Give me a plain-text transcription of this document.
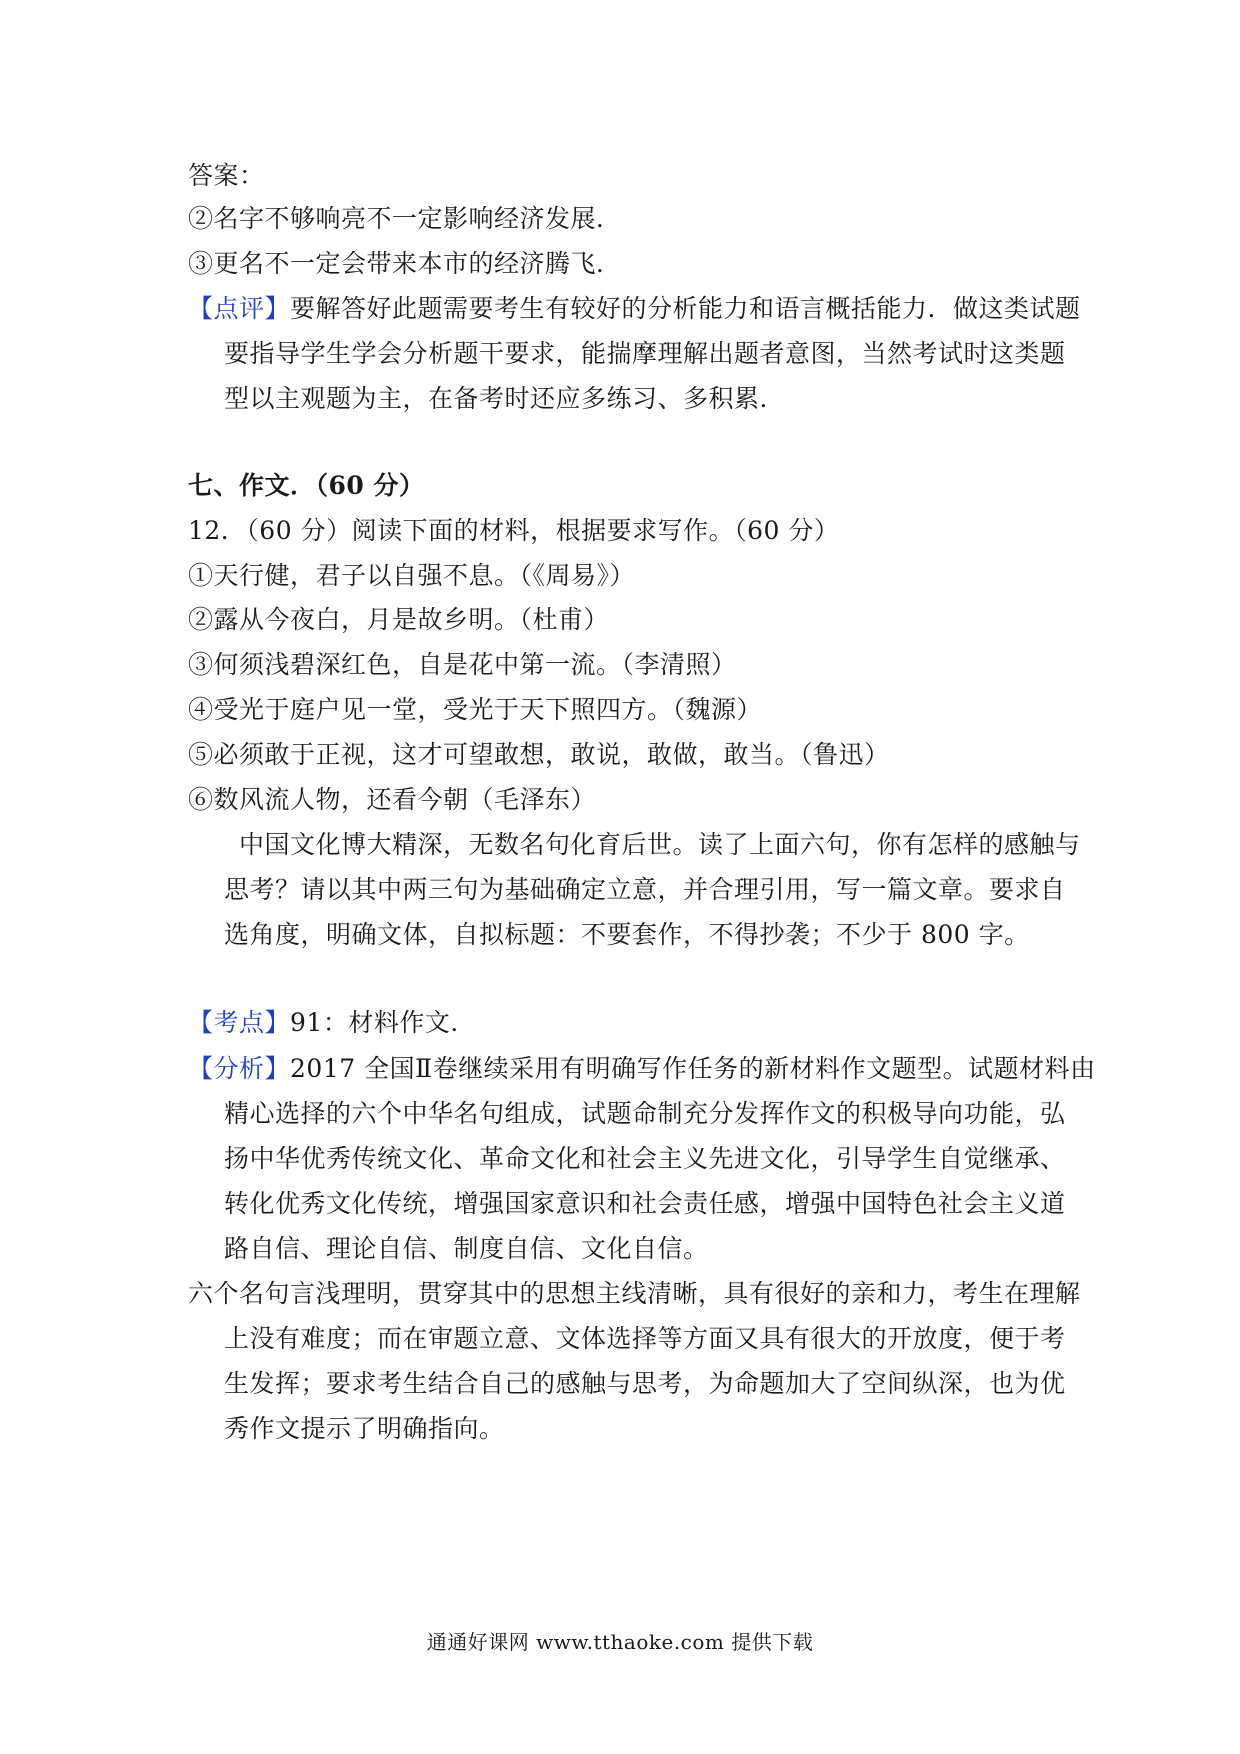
答案：
②名字不够响亮不一定影响经济发展．
③更名不一定会带来本市的经济腾飞．
【点评】要解答好此题需要考生有较好的分析能力和语言概括能力．做这类试题
要指导学生学会分析题干要求，能揣摩理解出题者意图，当然考试时这类题
型以主观题为主，在备考时还应多练习、多积累．
七、作文．（60 分）
12．（60 分）阅读下面的材料，根据要求写作。（60 分）
①天行健，君子以自强不息。（《周易》）
②露从今夜白，月是故乡明。（杜甫）
③何须浅碧深红色，自是花中第一流。（李清照）
④受光于庭户见一堂，受光于天下照四方。（魏源）
⑤必须敢于正视，这才可望敢想，敢说，敢做，敢当。（鲁迅）
⑥数风流人物，还看今朝（毛泽东）
中国文化博大精深，无数名句化育后世。读了上面六句，你有怎样的感触与
思考？请以其中两三句为基础确定立意，并合理引用，写一篇文章。要求自
选角度，明确文体，自拟标题：不要套作，不得抄袭；不少于 800 字。
【考点】91：材料作文．
【分析】2017 全国Ⅱ卷继续采用有明确写作任务的新材料作文题型。试题材料由
精心选择的六个中华名句组成，试题命制充分发挥作文的积极导向功能，弘
扬中华优秀传统文化、革命文化和社会主义先进文化，引导学生自觉继承、
转化优秀文化传统，增强国家意识和社会责任感，增强中国特色社会主义道
路自信、理论自信、制度自信、文化自信。
六个名句言浅理明，贯穿其中的思想主线清晰，具有很好的亲和力，考生在理解
上没有难度；而在审题立意、文体选择等方面又具有很大的开放度，便于考
生发挥；要求考生结合自己的感触与思考，为命题加大了空间纵深，也为优
秀作文提示了明确指向。
通通好课网 www.tthaoke.com 提供下载
